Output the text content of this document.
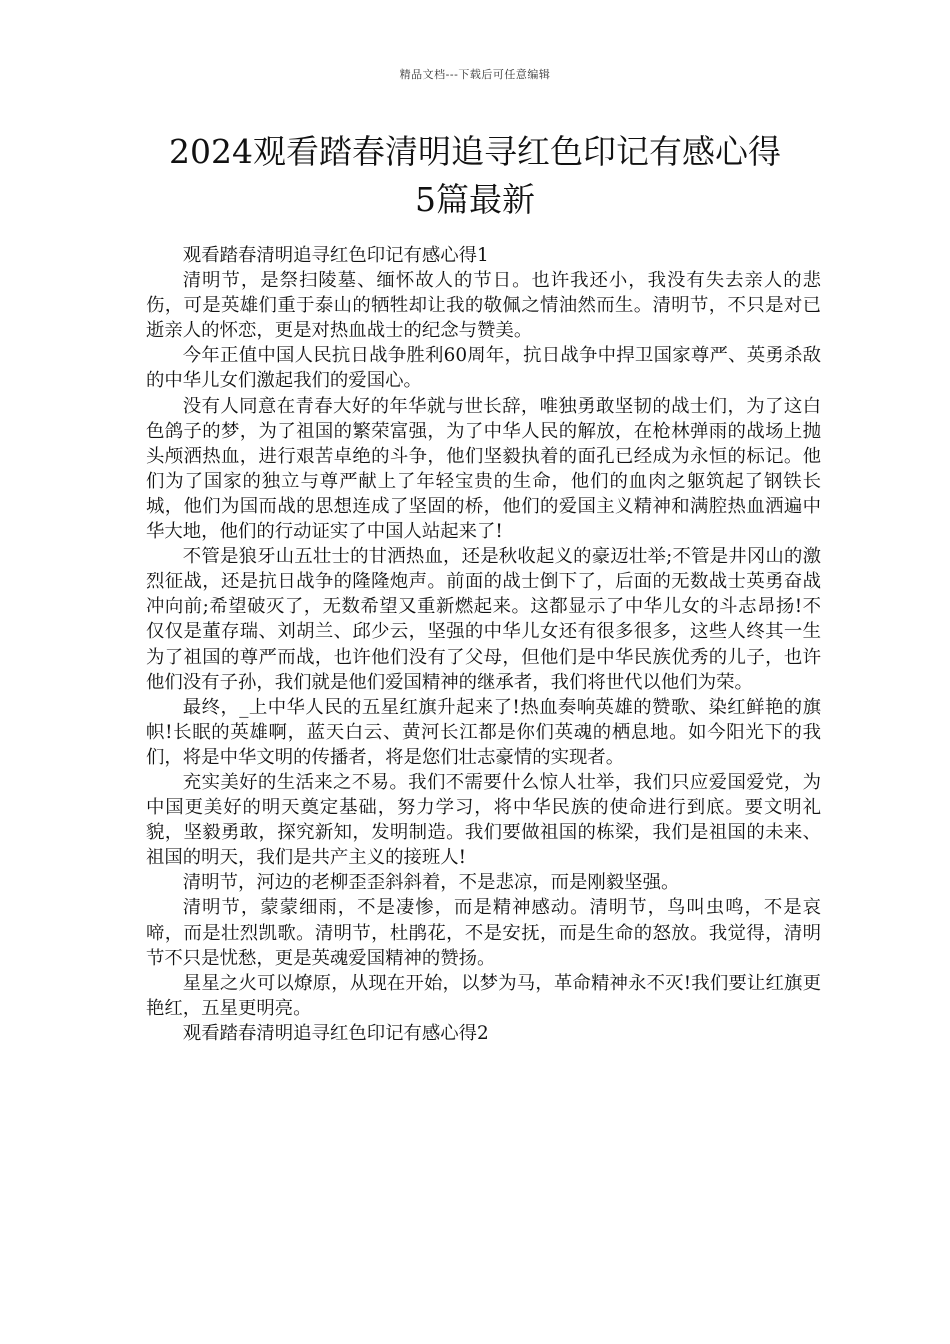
精品文档---下载后可任意编辑
2024观看踏春清明追寻红色印记有感心得
5篇最新

观看踏春清明追寻红色印记有感心得1

清明节，是祭扫陵墓、缅怀故人的节日。也许我还小，我没有失去亲人的悲伤，可是英雄们重于泰山的牺牲却让我的敬佩之情油然而生。清明节，不只是对已逝亲人的怀恋，更是对热血战士的纪念与赞美。

今年正值中国人民抗日战争胜利60周年，抗日战争中捍卫国家尊严、英勇杀敌的中华儿女们激起我们的爱国心。

没有人同意在青春大好的年华就与世长辞，唯独勇敢坚韧的战士们，为了这白色鸽子的梦，为了祖国的繁荣富强，为了中华人民的解放，在枪林弹雨的战场上抛头颅洒热血，进行艰苦卓绝的斗争，他们坚毅执着的面孔已经成为永恒的标记。他们为了国家的独立与尊严献上了年轻宝贵的生命，他们的血肉之躯筑起了钢铁长城，他们为国而战的思想连成了坚固的桥，他们的爱国主义精神和满腔热血洒遍中华大地，他们的行动证实了中国人站起来了!

不管是狼牙山五壮士的甘洒热血，还是秋收起义的豪迈壮举;不管是井冈山的激烈征战，还是抗日战争的隆隆炮声。前面的战士倒下了，后面的无数战士英勇奋战冲向前;希望破灭了，无数希望又重新燃起来。这都显示了中华儿女的斗志昂扬!不仅仅是董存瑞、刘胡兰、邱少云，坚强的中华儿女还有很多很多，这些人终其一生为了祖国的尊严而战，也许他们没有了父母，但他们是中华民族优秀的儿子，也许他们没有子孙，我们就是他们爱国精神的继承者，我们将世代以他们为荣。

最终，_上中华人民的五星红旗升起来了!热血奏响英雄的赞歌、染红鲜艳的旗帜!长眠的英雄啊，蓝天白云、黄河长江都是你们英魂的栖息地。如今阳光下的我们，将是中华文明的传播者，将是您们壮志豪情的实现者。

充实美好的生活来之不易。我们不需要什么惊人壮举，我们只应爱国爱党，为中国更美好的明天奠定基础，努力学习，将中华民族的使命进行到底。要文明礼貌，坚毅勇敢，探究新知，发明制造。我们要做祖国的栋梁，我们是祖国的未来、祖国的明天，我们是共产主义的接班人!

清明节，河边的老柳歪歪斜斜着，不是悲凉，而是刚毅坚强。

清明节，蒙蒙细雨，不是凄惨，而是精神感动。清明节，鸟叫虫鸣，不是哀啼，而是壮烈凯歌。清明节，杜鹃花，不是安抚，而是生命的怒放。我觉得，清明节不只是忧愁，更是英魂爱国精神的赞扬。

星星之火可以燎原，从现在开始，以梦为马，革命精神永不灭!我们要让红旗更艳红，五星更明亮。

观看踏春清明追寻红色印记有感心得2
